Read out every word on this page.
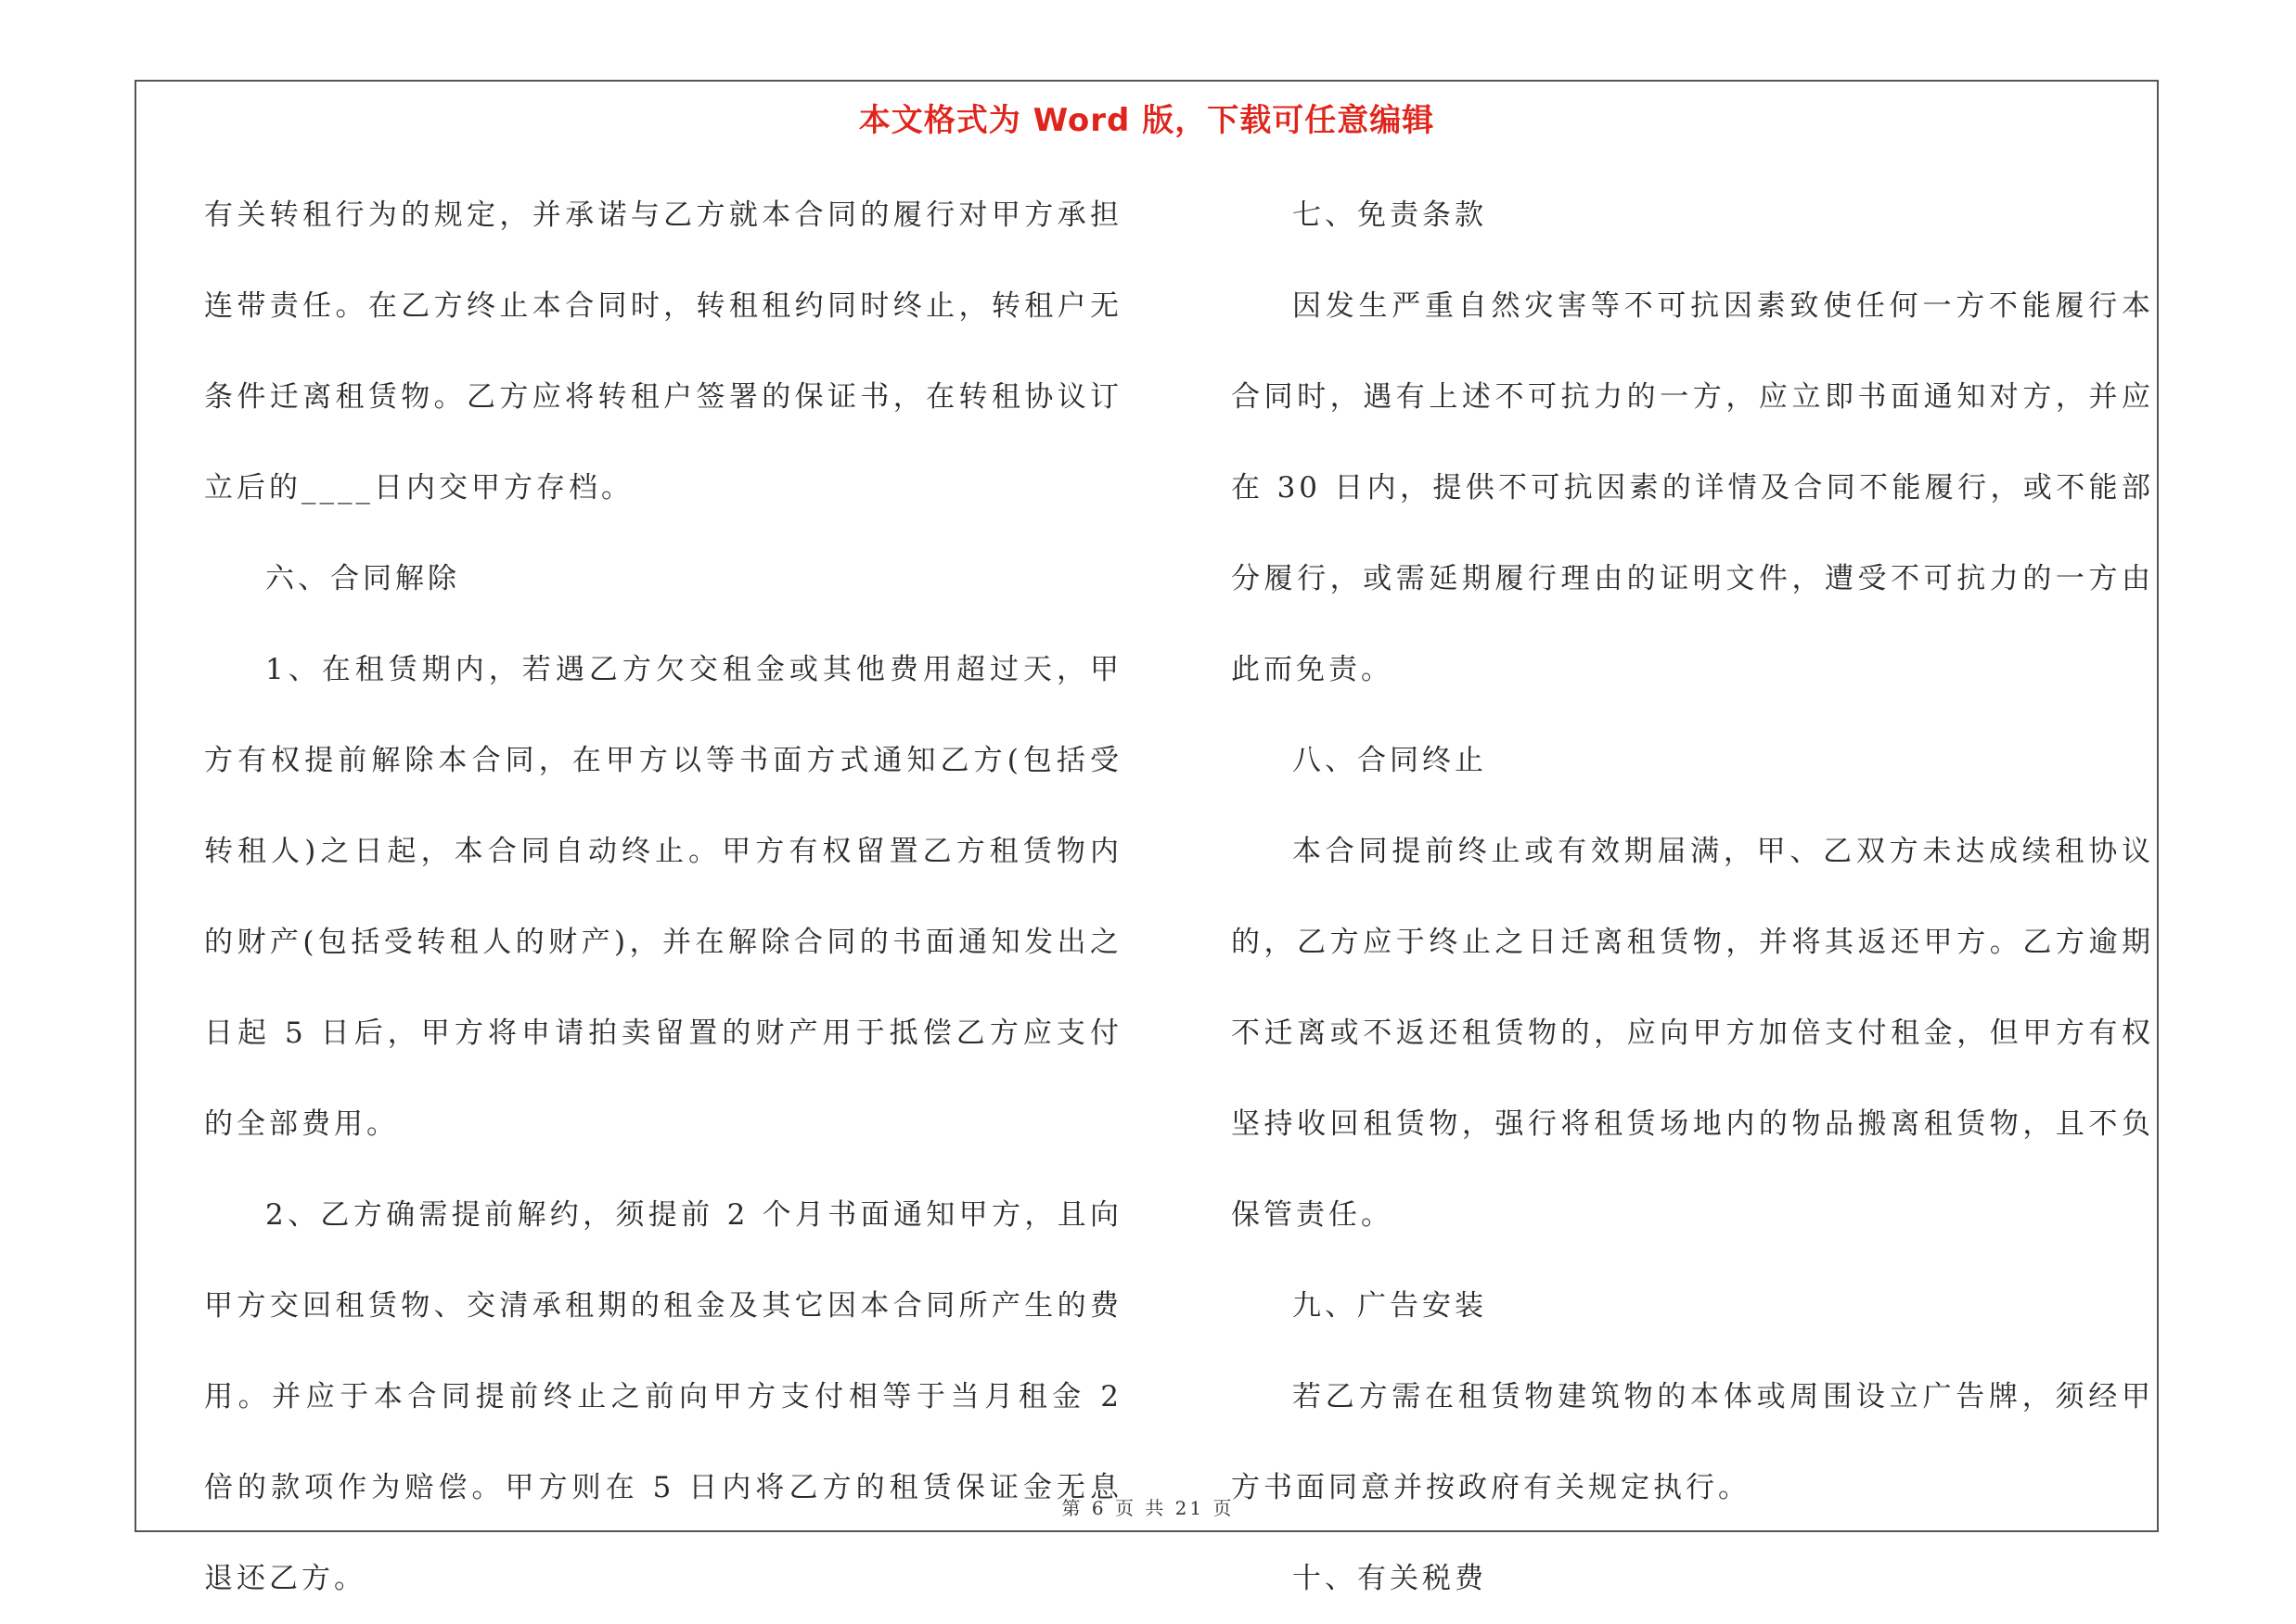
本文格式为 Word 版，下载可任意编辑

有关转租行为的规定，并承诺与乙方就本合同的履行对甲方承担连带责任。在乙方终止本合同时，转租租约同时终止，转租户无条件迁离租赁物。乙方应将转租户签署的保证书，在转租协议订立后的____日内交甲方存档。

六、合同解除

1、在租赁期内，若遇乙方欠交租金或其他费用超过天，甲方有权提前解除本合同，在甲方以等书面方式通知乙方(包括受转租人)之日起，本合同自动终止。甲方有权留置乙方租赁物内的财产(包括受转租人的财产)，并在解除合同的书面通知发出之日起 5 日后，甲方将申请拍卖留置的财产用于抵偿乙方应支付的全部费用。

2、乙方确需提前解约，须提前 2 个月书面通知甲方，且向甲方交回租赁物、交清承租期的租金及其它因本合同所产生的费用。并应于本合同提前终止之前向甲方支付相等于当月租金 2 倍的款项作为赔偿。甲方则在 5 日内将乙方的租赁保证金无息退还乙方。

七、免责条款

因发生严重自然灾害等不可抗因素致使任何一方不能履行本合同时，遇有上述不可抗力的一方，应立即书面通知对方，并应在 30 日内，提供不可抗因素的详情及合同不能履行，或不能部分履行，或需延期履行理由的证明文件，遭受不可抗力的一方由此而免责。

八、合同终止

本合同提前终止或有效期届满，甲、乙双方未达成续租协议的，乙方应于终止之日迁离租赁物，并将其返还甲方。乙方逾期不迁离或不返还租赁物的，应向甲方加倍支付租金，但甲方有权坚持收回租赁物，强行将租赁场地内的物品搬离租赁物，且不负保管责任。

九、广告安装

若乙方需在租赁物建筑物的本体或周围设立广告牌，须经甲方书面同意并按政府有关规定执行。

十、有关税费

第 6 页 共 21 页
